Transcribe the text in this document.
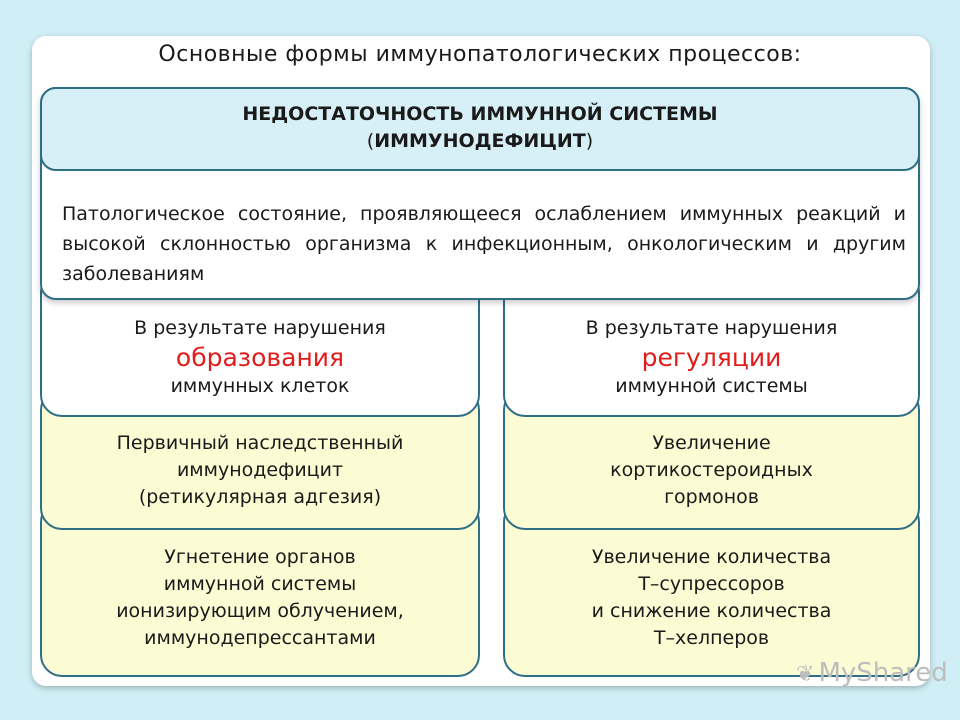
Основные формы иммунопатологических процессов:
Угнетение органов
иммунной системы
ионизирующим облучением,
иммунодепрессантами
Первичный наследственный
иммунодефицит
(ретикулярная адгезия)
В результате нарушения
образования
иммунных клеток
Увеличение количества
Т–супрессоров
и снижение количества
Т–хелперов
Увеличение
кортикостероидных
гормонов
В результате нарушения
регуляции
иммунной системы
НЕДОСТАТОЧНОСТЬ ИММУННОЙ СИСТЕМЫ
(ИММУНОДЕФИЦИТ)
Патологическое состояние, проявляющееся ослаблением иммунных реакций и высокой склонностью организма к инфекционным, онкологическим и другим заболеваниям
❦ MyShared
